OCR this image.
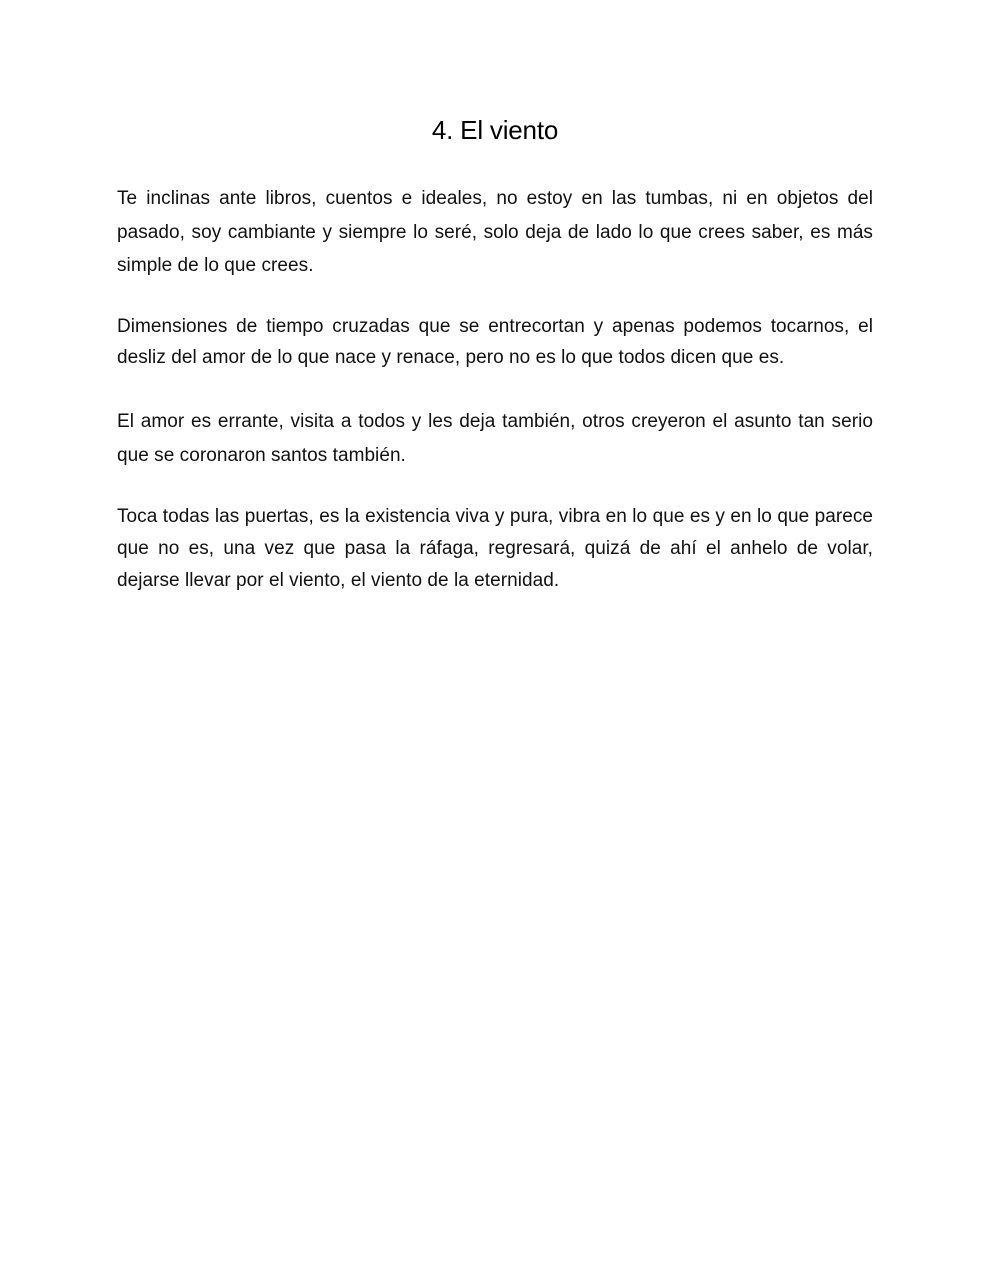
4. El viento

Te inclinas ante libros, cuentos e ideales, no estoy en las tumbas, ni en objetos del pasado, soy cambiante y siempre lo seré, solo deja de lado lo que crees saber, es más simple de lo que crees.

Dimensiones de tiempo cruzadas que se entrecortan y apenas podemos tocarnos, el desliz del amor de lo que nace y renace, pero no es lo que todos dicen que es.

El amor es errante, visita a todos y les deja también, otros creyeron el asunto tan serio que se coronaron santos también.

Toca todas las puertas, es la existencia viva y pura, vibra en lo que es y en lo que parece que no es, una vez que pasa la ráfaga, regresará, quizá de ahí el anhelo de volar, dejarse llevar por el viento, el viento de la eternidad.
